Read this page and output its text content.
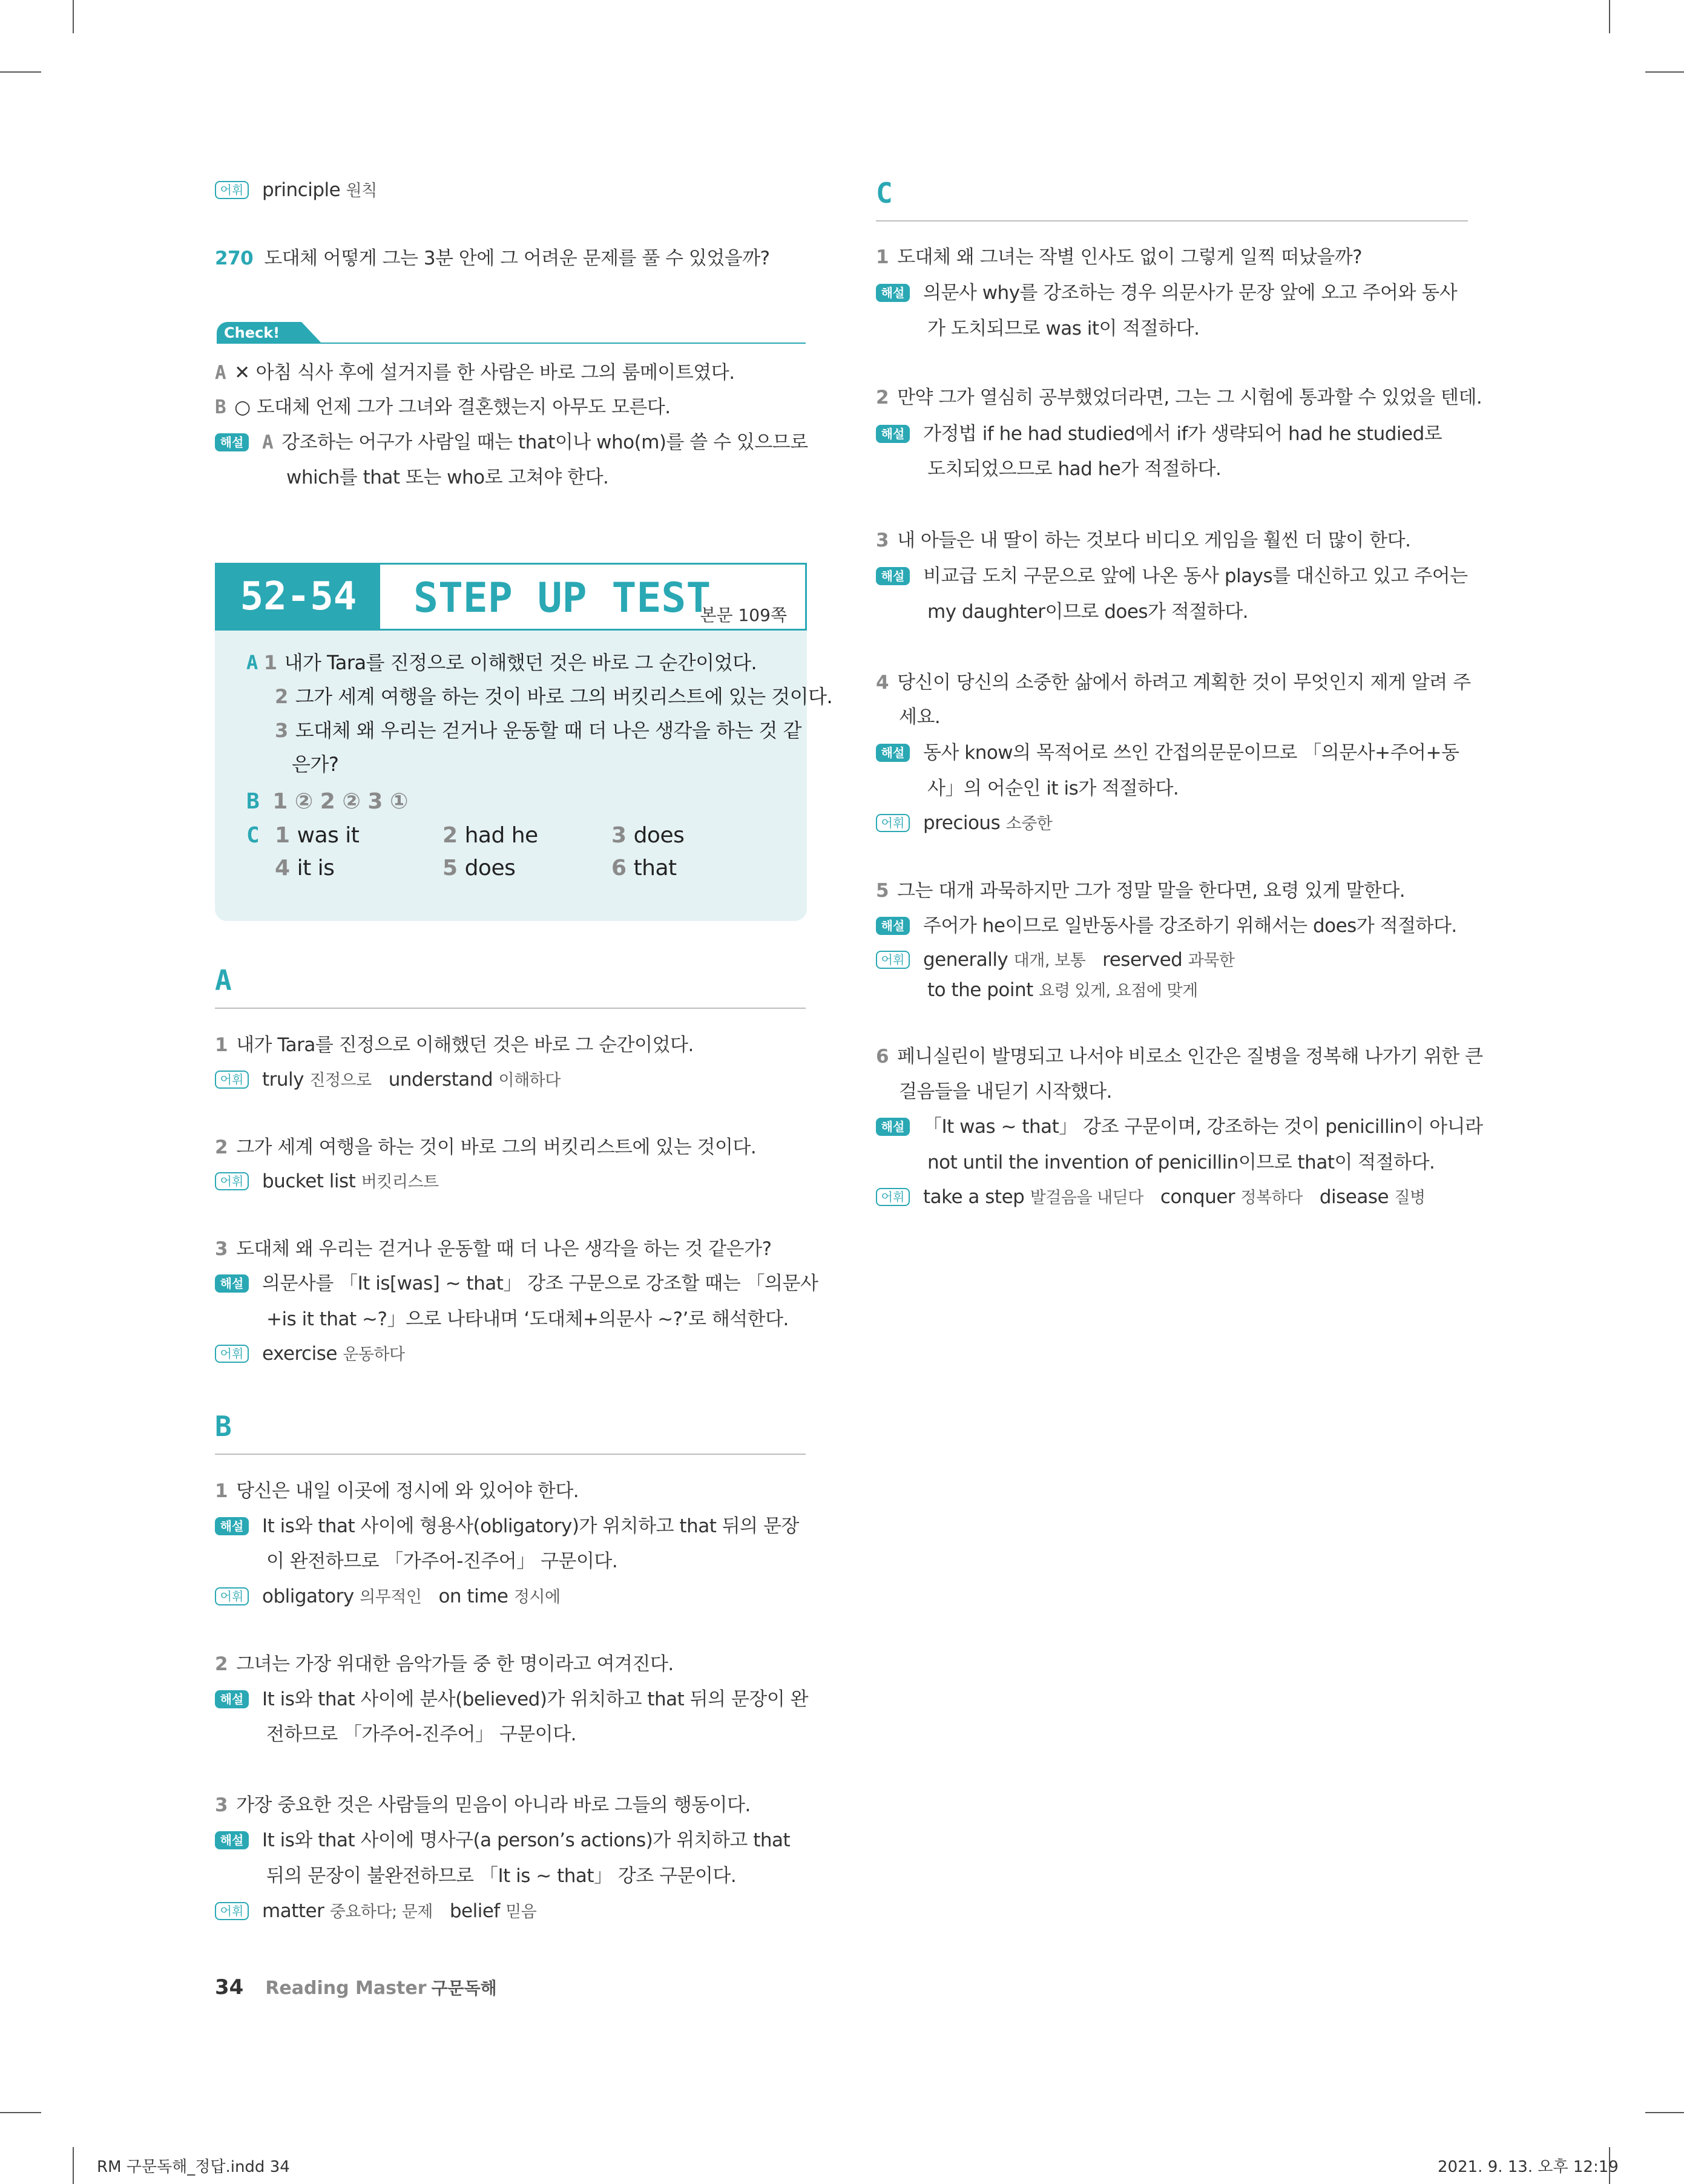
어휘 principle 원칙
270 도대체 어떻게 그는 3분 안에 그 어려운 문제를 풀 수 있었을까?
Check!
A ✕ 아침 식사 후에 설거지를 한 사람은 바로 그의 룸메이트였다.
B ○ 도대체 언제 그가 그녀와 결혼했는지 아무도 모른다.
해설 A 강조하는 어구가 사람일 때는 that이나 who(m)를 쓸 수 있으므로
which를 that 또는 who로 고쳐야 한다.
52-54	STEP UP TEST
본문 109쪽
A 1 내가 Tara를 진정으로 이해했던 것은 바로 그 순간이었다.
2 그가 세계 여행을 하는 것이 바로 그의 버킷리스트에 있는 것이다.
3 도대체 왜 우리는 걷거나 운동할 때 더 나은 생각을 하는 것 같
은가?
B 1 ② 2 ② 3 ①
C 1 was it	2 had he	3 does
4 it is	5 does	6 that
A
1 내가 Tara를 진정으로 이해했던 것은 바로 그 순간이었다.
어휘 truly 진정으로 understand 이해하다
2 그가 세계 여행을 하는 것이 바로 그의 버킷리스트에 있는 것이다.
어휘 bucket list 버킷리스트
3 도대체 왜 우리는 걷거나 운동할 때 더 나은 생각을 하는 것 같은가?
해설 의문사를 「It is[was] ~ that」 강조 구문으로 강조할 때는 「의문사
+is it that ~?」으로 나타내며 ‘도대체+의문사 ~?’로 해석한다.
어휘 exercise 운동하다
B
1 당신은 내일 이곳에 정시에 와 있어야 한다.
해설 It is와 that 사이에 형용사(obligatory)가 위치하고 that 뒤의 문장
이 완전하므로 「가주어-진주어」 구문이다.
어휘 obligatory 의무적인 on time 정시에
2 그녀는 가장 위대한 음악가들 중 한 명이라고 여겨진다.
해설 It is와 that 사이에 분사(believed)가 위치하고 that 뒤의 문장이 완
전하므로 「가주어-진주어」 구문이다.
3 가장 중요한 것은 사람들의 믿음이 아니라 바로 그들의 행동이다.
해설 It is와 that 사이에 명사구(a person’s actions)가 위치하고 that
뒤의 문장이 불완전하므로 「It is ~ that」 강조 구문이다.
어휘 matter 중요하다; 문제 belief 믿음
C
1 도대체 왜 그녀는 작별 인사도 없이 그렇게 일찍 떠났을까?
해설 의문사 why를 강조하는 경우 의문사가 문장 앞에 오고 주어와 동사
가 도치되므로 was it이 적절하다.
2 만약 그가 열심히 공부했었더라면, 그는 그 시험에 통과할 수 있었을 텐데.
해설 가정법 if he had studied에서 if가 생략되어 had he studied로
도치되었으므로 had he가 적절하다.
3 내 아들은 내 딸이 하는 것보다 비디오 게임을 훨씬 더 많이 한다.
해설 비교급 도치 구문으로 앞에 나온 동사 plays를 대신하고 있고 주어는
my daughter이므로 does가 적절하다.
4 당신이 당신의 소중한 삶에서 하려고 계획한 것이 무엇인지 제게 알려 주
세요.
해설 동사 know의 목적어로 쓰인 간접의문문이므로 「의문사+주어+동
사」의 어순인 it is가 적절하다.
어휘 precious 소중한
5 그는 대개 과묵하지만 그가 정말 말을 한다면, 요령 있게 말한다.
해설 주어가 he이므로 일반동사를 강조하기 위해서는 does가 적절하다.
어휘 generally 대개, 보통 reserved 과묵한
to the point 요령 있게, 요점에 맞게
6 페니실린이 발명되고 나서야 비로소 인간은 질병을 정복해 나가기 위한 큰
걸음들을 내딛기 시작했다.
해설 「It was ~ that」 강조 구문이며, 강조하는 것이 penicillin이 아니라
not until the invention of penicillin이므로 that이 적절하다.
어휘 take a step 발걸음을 내딛다 conquer 정복하다 disease 질병
34 Reading Master 구문독해
RM 구문독해_정답.indd 34	2021. 9. 13. 오후 12:19
